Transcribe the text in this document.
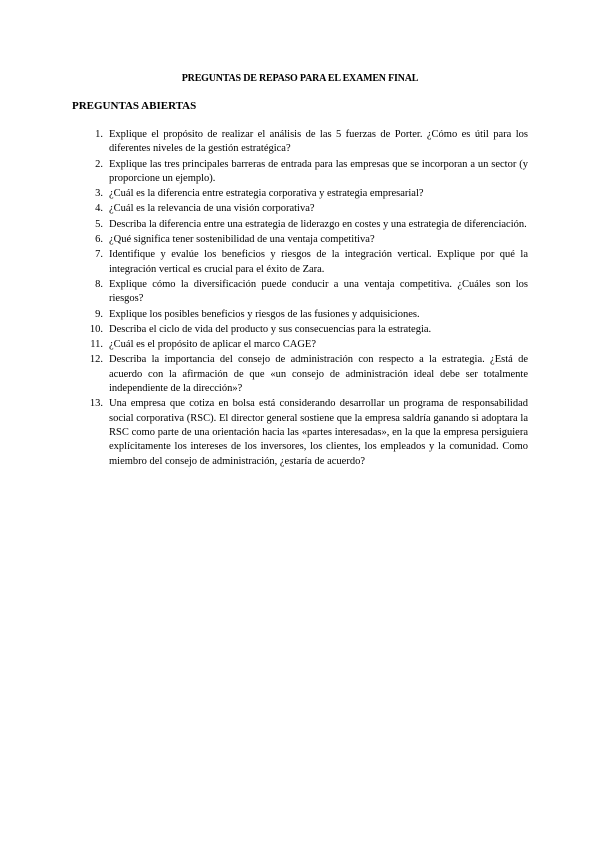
PREGUNTAS DE REPASO PARA EL EXAMEN FINAL
PREGUNTAS ABIERTAS
1. Explique el propósito de realizar el análisis de las 5 fuerzas de Porter. ¿Cómo es útil para los diferentes niveles de la gestión estratégica?
2. Explique las tres principales barreras de entrada para las empresas que se incorporan a un sector (y proporcione un ejemplo).
3. ¿Cuál es la diferencia entre estrategia corporativa y estrategia empresarial?
4. ¿Cuál es la relevancia de una visión corporativa?
5. Describa la diferencia entre una estrategia de liderazgo en costes y una estrategia de diferenciación.
6. ¿Qué significa tener sostenibilidad de una ventaja competitiva?
7. Identifique y evalúe los beneficios y riesgos de la integración vertical. Explique por qué la integración vertical es crucial para el éxito de Zara.
8. Explique cómo la diversificación puede conducir a una ventaja competitiva. ¿Cuáles son los riesgos?
9. Explique los posibles beneficios y riesgos de las fusiones y adquisiciones.
10. Describa el ciclo de vida del producto y sus consecuencias para la estrategia.
11. ¿Cuál es el propósito de aplicar el marco CAGE?
12. Describa la importancia del consejo de administración con respecto a la estrategia. ¿Está de acuerdo con la afirmación de que «un consejo de administración ideal debe ser totalmente independiente de la dirección»?
13. Una empresa que cotiza en bolsa está considerando desarrollar un programa de responsabilidad social corporativa (RSC). El director general sostiene que la empresa saldría ganando si adoptara la RSC como parte de una orientación hacia las «partes interesadas», en la que la empresa persiguiera explícitamente los intereses de los inversores, los clientes, los empleados y la comunidad. Como miembro del consejo de administración, ¿estaría de acuerdo?
